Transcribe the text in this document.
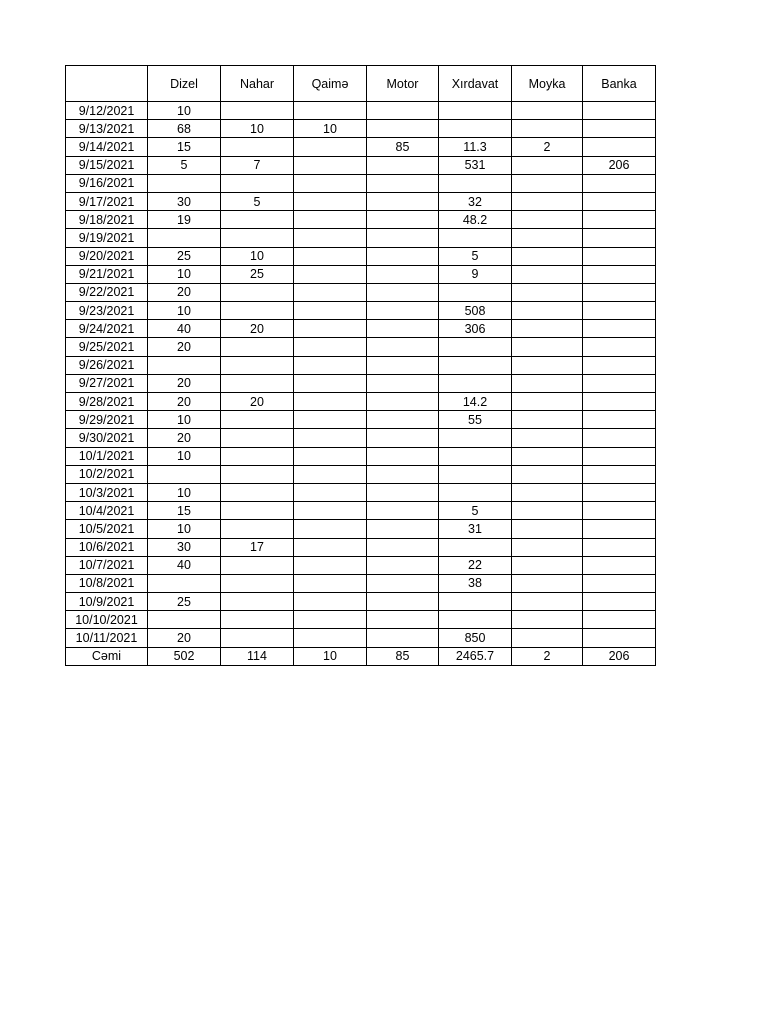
	Dizel	Nahar	Qaimə	Motor	Xırdavat	Moyka	Banka
9/12/2021	10						
9/13/2021	68	10	10				
9/14/2021	15			85	11.3	2	
9/15/2021	5	7			531		206
9/16/2021							
9/17/2021	30	5			32		
9/18/2021	19				48.2		
9/19/2021							
9/20/2021	25	10			5		
9/21/2021	10	25			9		
9/22/2021	20						
9/23/2021	10				508		
9/24/2021	40	20			306		
9/25/2021	20						
9/26/2021							
9/27/2021	20						
9/28/2021	20	20			14.2		
9/29/2021	10				55		
9/30/2021	20						
10/1/2021	10						
10/2/2021							
10/3/2021	10						
10/4/2021	15				5		
10/5/2021	10				31		
10/6/2021	30	17					
10/7/2021	40				22		
10/8/2021					38		
10/9/2021	25						
10/10/2021							
10/11/2021	20				850		
Cəmi	502	114	10	85	2465.7	2	206
